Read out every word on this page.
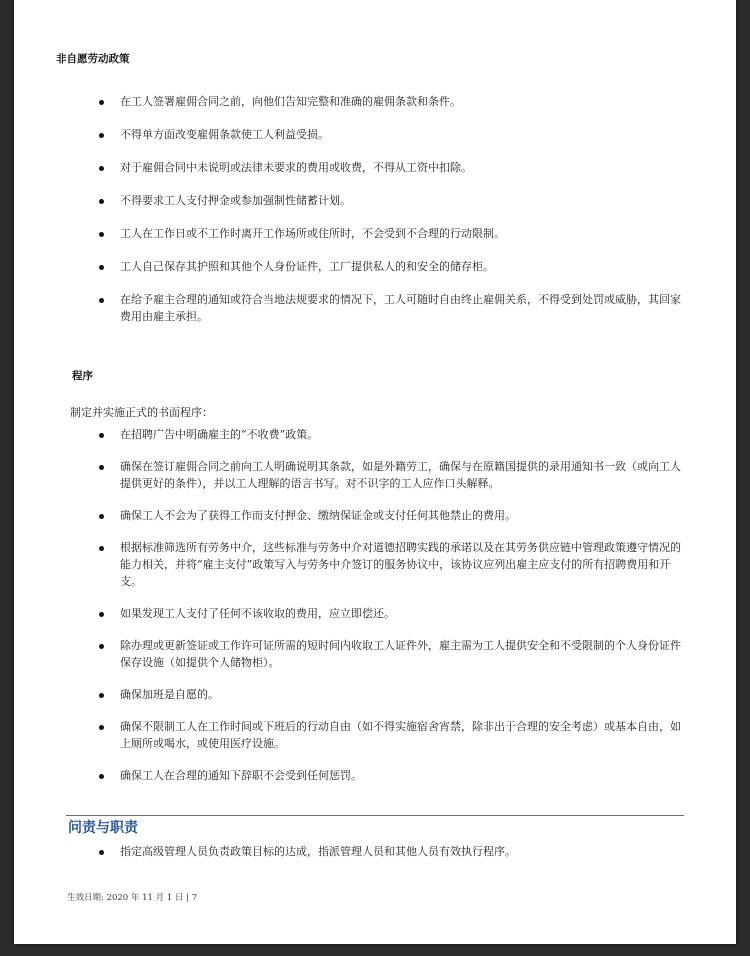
非自愿劳动政策
在工人签署雇佣合同之前，向他们告知完整和准确的雇佣条款和条件。
不得单方面改变雇佣条款使工人利益受损。
对于雇佣合同中未说明或法律未要求的费用或收费，不得从工资中扣除。
不得要求工人支付押金或参加强制性储蓄计划。
工人在工作日或不工作时离开工作场所或住所时，不会受到不合理的行动限制。
工人自己保存其护照和其他个人身份证件，工厂提供私人的和安全的储存柜。
在给予雇主合理的通知或符合当地法规要求的情况下，工人可随时自由终止雇佣关系，不得受到处罚或威胁，其回家费用由雇主承担。
程序
制定并实施正式的书面程序：
在招聘广告中明确雇主的“不收费”政策。
确保在签订雇佣合同之前向工人明确说明其条款，如是外籍劳工，确保与在原籍国提供的录用通知书一致（或向工人提供更好的条件），并以工人理解的语言书写。对不识字的工人应作口头解释。
确保工人不会为了获得工作而支付押金、缴纳保证金或支付任何其他禁止的费用。
根据标准筛选所有劳务中介，这些标准与劳务中介对道德招聘实践的承诺以及在其劳务供应链中管理政策遵守情况的能力相关，并将“雇主支付”政策写入与劳务中介签订的服务协议中，该协议应列出雇主应支付的所有招聘费用和开支。
如果发现工人支付了任何不该收取的费用，应立即偿还。
除办理或更新签证或工作许可证所需的短时间内收取工人证件外，雇主需为工人提供安全和不受限制的个人身份证件保存设施（如提供个人储物柜）。
确保加班是自愿的。
确保不限制工人在工作时间或下班后的行动自由（如不得实施宿舍宵禁，除非出于合理的安全考虑）或基本自由，如上厕所或喝水，或使用医疗设施。
确保工人在合理的通知下辞职不会受到任何惩罚。
问责与职责
指定高级管理人员负责政策目标的达成，指派管理人员和其他人员有效执行程序。
生效日期: 2020 年 11 月 1 日 | 7
